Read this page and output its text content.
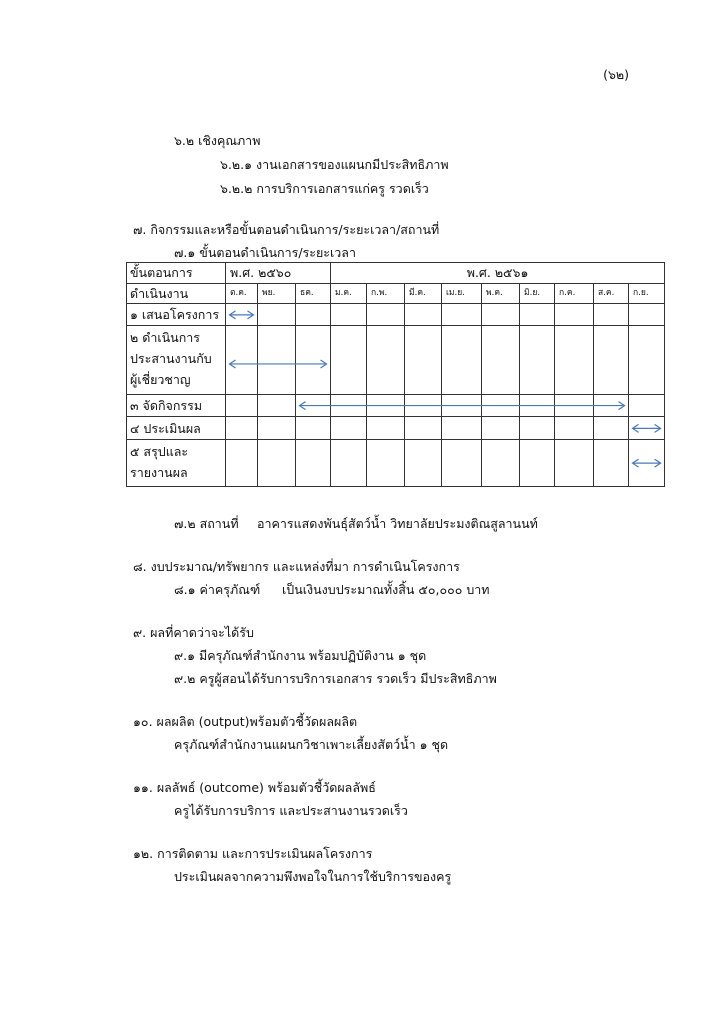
(๖๒)
๖.๒ เชิงคุณภาพ
๖.๒.๑ งานเอกสารของแผนกมีประสิทธิภาพ
๖.๒.๒ การบริการเอกสารแก่ครู รวดเร็ว
๗. กิจกรรมและหรือขั้นตอนดำเนินการ/ระยะเวลา/สถานที่
๗.๑ ขั้นตอนดำเนินการ/ระยะเวลา
ขั้นตอนการ	พ.ศ. ๒๕๖๐			พ.ศ. ๒๕๖๑								
ดำเนินงาน	ต.ค.	พย.	ธค.	ม.ค.	ก.พ.	มี.ค.	เม.ย.	พ.ค.	มิ.ย.	ก.ค.	ส.ค.	ก.ย.
๑ เสนอโครงการ												

๒ ดำเนินการ
ประสานงานกับ
ผู้เชี่ยวชาญ												

๓ จัดกิจกรรม												
๔ ประเมินผล												

๕ สรุปและ
รายงานผล												

๗.๒ สถานที่ อาคารแสดงพันธุ์สัตว์น้ำ วิทยาลัยประมงติณสูลานนท์
๘. งบประมาณ/ทรัพยากร และแหล่งที่มา การดำเนินโครงการ
๘.๑ ค่าครุภัณฑ์ เป็นเงินงบประมาณทั้งสิ้น ๕๐,๐๐๐ บาท
๙. ผลที่คาดว่าจะได้รับ
๙.๑ มีครุภัณฑ์สำนักงาน พร้อมปฏิบัติงาน ๑ ชุด
๙.๒ ครูผู้สอนได้รับการบริการเอกสาร รวดเร็ว มีประสิทธิภาพ
๑๐. ผลผลิต (output)พร้อมตัวชี้วัดผลผลิต
ครุภัณฑ์สำนักงานแผนกวิชาเพาะเลี้ยงสัตว์น้ำ ๑ ชุด
๑๑. ผลลัพธ์ (outcome) พร้อมตัวชี้วัดผลลัพธ์
ครูได้รับการบริการ และประสานงานรวดเร็ว
๑๒. การติดตาม และการประเมินผลโครงการ
ประเมินผลจากความพึงพอใจในการใช้บริการของครู
